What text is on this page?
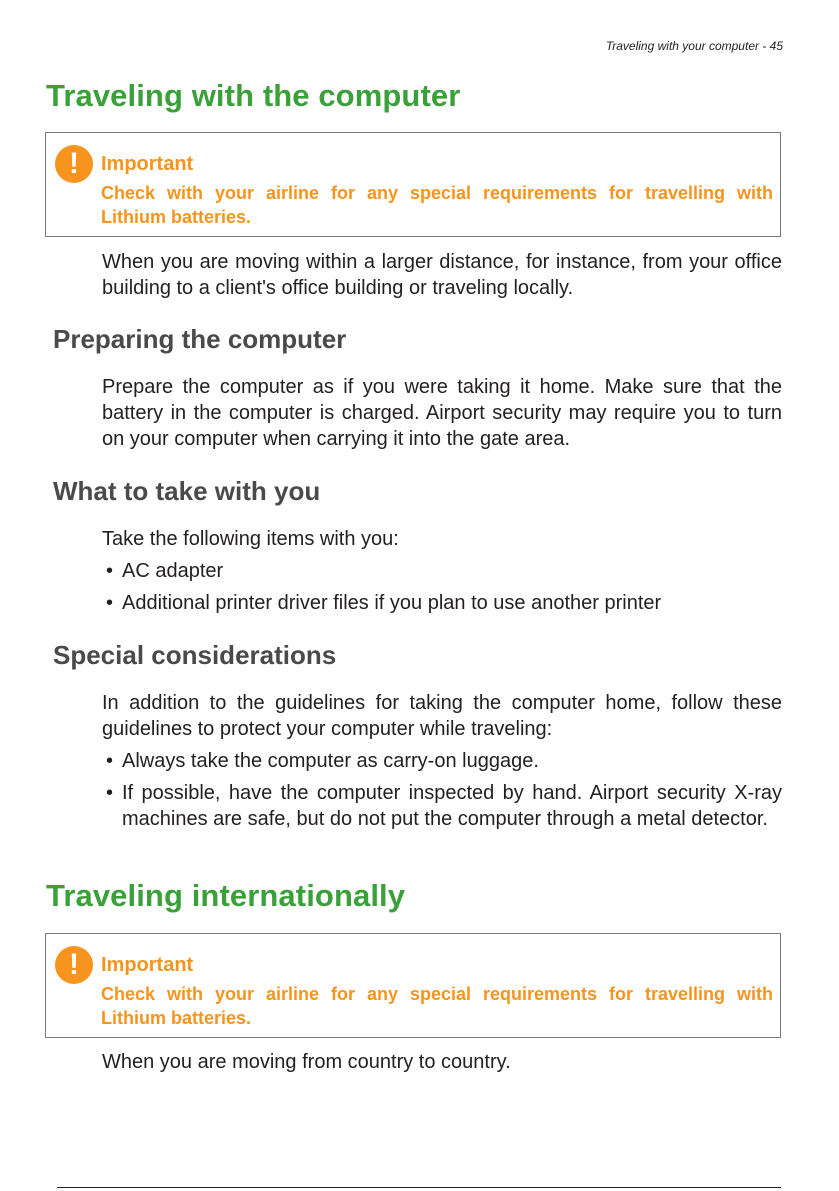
Traveling with your computer - 45
Traveling with the computer
!	Important
Check with your airline for any special requirements for travelling with Lithium batteries.

When you are moving within a larger distance, for instance, from your office building to a client's office building or traveling locally.

Preparing the computer

Prepare the computer as if you were taking it home. Make sure that the battery in the computer is charged. Airport security may require you to turn on your computer when carrying it into the gate area.

What to take with you

Take the following items with you:

• AC adapter
• Additional printer driver files if you plan to use another printer
Special considerations

In addition to the guidelines for taking the computer home, follow these guidelines to protect your computer while traveling:

• Always take the computer as carry-on luggage.
• If possible, have the computer inspected by hand. Airport security X-ray machines are safe, but do not put the computer through a metal detector.
Traveling internationally
!	Important
Check with your airline for any special requirements for travelling with Lithium batteries.

When you are moving from country to country.
